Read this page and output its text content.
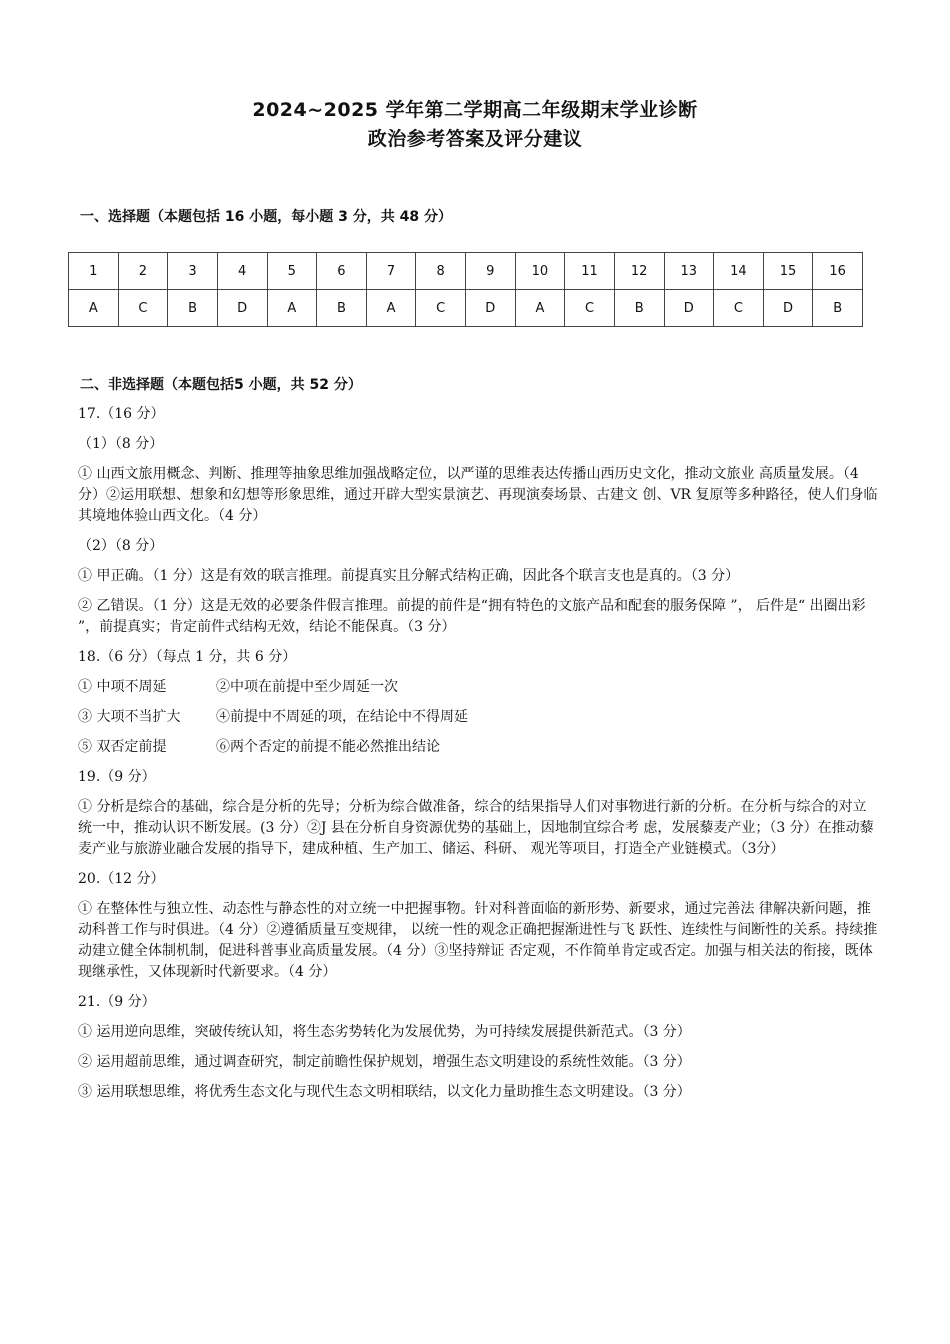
2024~2025 学年第二学期高二年级期末学业诊断
政治参考答案及评分建议
一、选择题（本题包括 16 小题，每小题 3 分，共 48 分）
1	2	3	4	5	6	7	8	9	10	11	12	13	14	15	16
A	C	B	D	A	B	A	C	D	A	C	B	D	C	D	B
二、非选择题（本题包括5 小题，共 52 分）

17.（16 分）

（1）（8 分）

① 山西文旅用概念、判断、推理等抽象思维加强战略定位，以严谨的思维表达传播山西历史文化，推动文旅业 高质量发展。（4 分）②运用联想、想象和幻想等形象思维，通过开辟大型实景演艺、再现演奏场景、古建文 创、VR 复原等多种路径，使人们身临其境地体验山西文化。（4 分）

（2）（8 分）

① 甲正确。（1 分）这是有效的联言推理。前提真实且分解式结构正确，因此各个联言支也是真的。（3 分）

② 乙错误。（1 分）这是无效的必要条件假言推理。前提的前件是“拥有特色的文旅产品和配套的服务保障 ”， 后件是“ 出圈出彩 ”，前提真实；肯定前件式结构无效，结论不能保真。（3 分）

18.（6 分）（每点 1 分，共 6 分）

① 中项不周延	②中项在前提中至少周延一次
③ 大项不当扩大	④前提中不周延的项，在结论中不得周延
⑤ 双否定前提	⑥两个否定的前提不能必然推出结论

19.（9 分）

① 分析是综合的基础，综合是分析的先导；分析为综合做准备，综合的结果指导人们对事物进行新的分析。在分析与综合的对立统一中，推动认识不断发展。(3 分）②J 县在分析自身资源优势的基础上，因地制宜综合考 虑，发展藜麦产业；（3 分）在推动藜麦产业与旅游业融合发展的指导下，建成种植、生产加工、储运、科研、 观光等项目，打造全产业链模式。（3分）

20.（12 分）

① 在整体性与独立性、动态性与静态性的对立统一中把握事物。针对科普面临的新形势、新要求，通过完善法 律解决新问题，推动科普工作与时俱进。（4 分）②遵循质量互变规律， 以统一性的观念正确把握渐进性与飞 跃性、连续性与间断性的关系。持续推动建立健全体制机制，促进科普事业高质量发展。（4 分）③坚持辩证 否定观，不作简单肯定或否定。加强与相关法的衔接，既体现继承性，又体现新时代新要求。（4 分）

21.（9 分）

① 运用逆向思维，突破传统认知，将生态劣势转化为发展优势，为可持续发展提供新范式。（3 分）

② 运用超前思维，通过调查研究，制定前瞻性保护规划，增强生态文明建设的系统性效能。（3 分）

③ 运用联想思维，将优秀生态文化与现代生态文明相联结，以文化力量助推生态文明建设。（3 分）
